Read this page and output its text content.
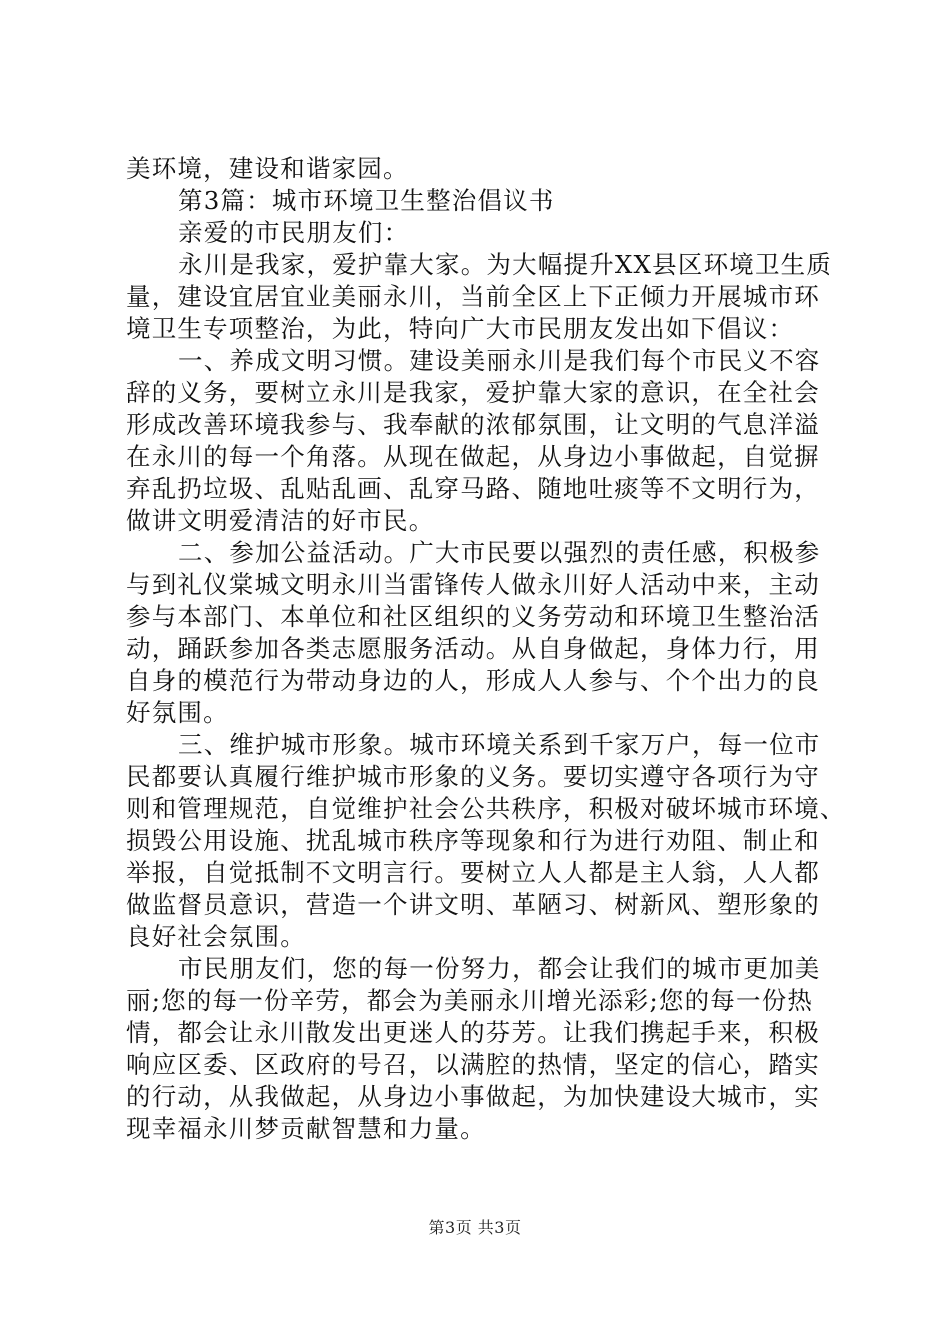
美环境，建设和谐家园。
第3篇：城市环境卫生整治倡议书
亲爱的市民朋友们：
永川是我家，爱护靠大家。为大幅提升XX县区环境卫生质
量，建设宜居宜业美丽永川，当前全区上下正倾力开展城市环
境卫生专项整治，为此，特向广大市民朋友发出如下倡议：
一、养成文明习惯。建设美丽永川是我们每个市民义不容
辞的义务，要树立永川是我家，爱护靠大家的意识，在全社会
形成改善环境我参与、我奉献的浓郁氛围，让文明的气息洋溢
在永川的每一个角落。从现在做起，从身边小事做起，自觉摒
弃乱扔垃圾、乱贴乱画、乱穿马路、随地吐痰等不文明行为，
做讲文明爱清洁的好市民。
二、参加公益活动。广大市民要以强烈的责任感，积极参
与到礼仪棠城文明永川当雷锋传人做永川好人活动中来，主动
参与本部门、本单位和社区组织的义务劳动和环境卫生整治活
动，踊跃参加各类志愿服务活动。从自身做起，身体力行，用
自身的模范行为带动身边的人，形成人人参与、个个出力的良
好氛围。
三、维护城市形象。城市环境关系到千家万户，每一位市
民都要认真履行维护城市形象的义务。要切实遵守各项行为守
则和管理规范，自觉维护社会公共秩序，积极对破坏城市环境、
损毁公用设施、扰乱城市秩序等现象和行为进行劝阻、制止和
举报，自觉抵制不文明言行。要树立人人都是主人翁，人人都
做监督员意识，营造一个讲文明、革陋习、树新风、塑形象的
良好社会氛围。
市民朋友们，您的每一份努力，都会让我们的城市更加美
丽;您的每一份辛劳，都会为美丽永川增光添彩;您的每一份热
情，都会让永川散发出更迷人的芬芳。让我们携起手来，积极
响应区委、区政府的号召，以满腔的热情，坚定的信心，踏实
的行动，从我做起，从身边小事做起，为加快建设大城市，实
现幸福永川梦贡献智慧和力量。
第3页 共3页
